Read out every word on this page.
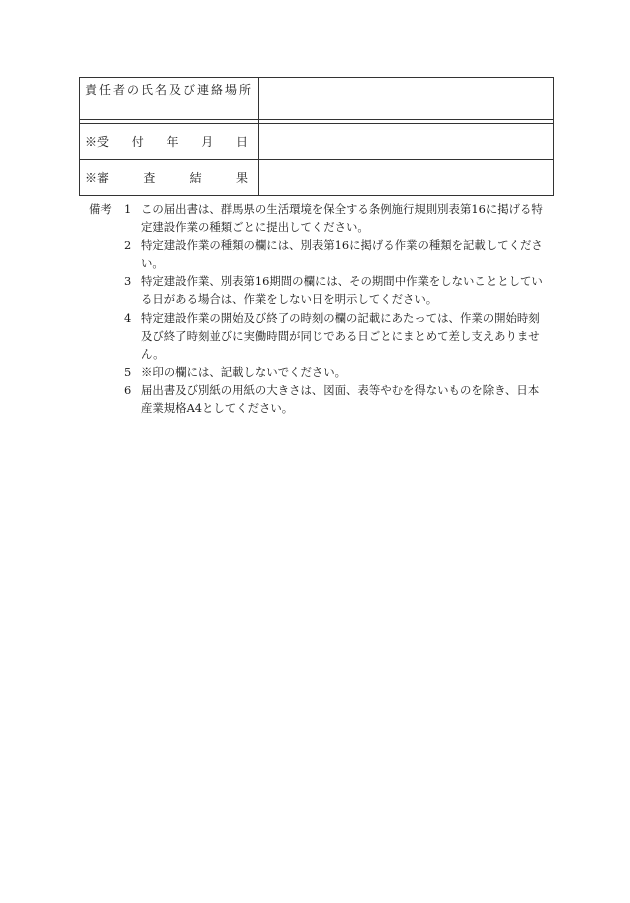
責任者の氏名及び連絡場所	

※受 付 年 月 日	

※審 査 結 果	

備考 1 この届出書は、群馬県の生活環境を保全する条例施行規則別表第16に掲げる特定建設作業の種類ごとに提出してください。
2 特定建設作業の種類の欄には、別表第16に掲げる作業の種類を記載してください。
3 特定建設作業、別表第16期間の欄には、その期間中作業をしないこととしている日がある場合は、作業をしない日を明示してください。
4 特定建設作業の開始及び終了の時刻の欄の記載にあたっては、作業の開始時刻及び終了時刻並びに実働時間が同じである日ごとにまとめて差し支えありません。
5 ※印の欄には、記載しないでください。
6 届出書及び別紙の用紙の大きさは、図面、表等やむを得ないものを除き、日本産業規格A4としてください。
